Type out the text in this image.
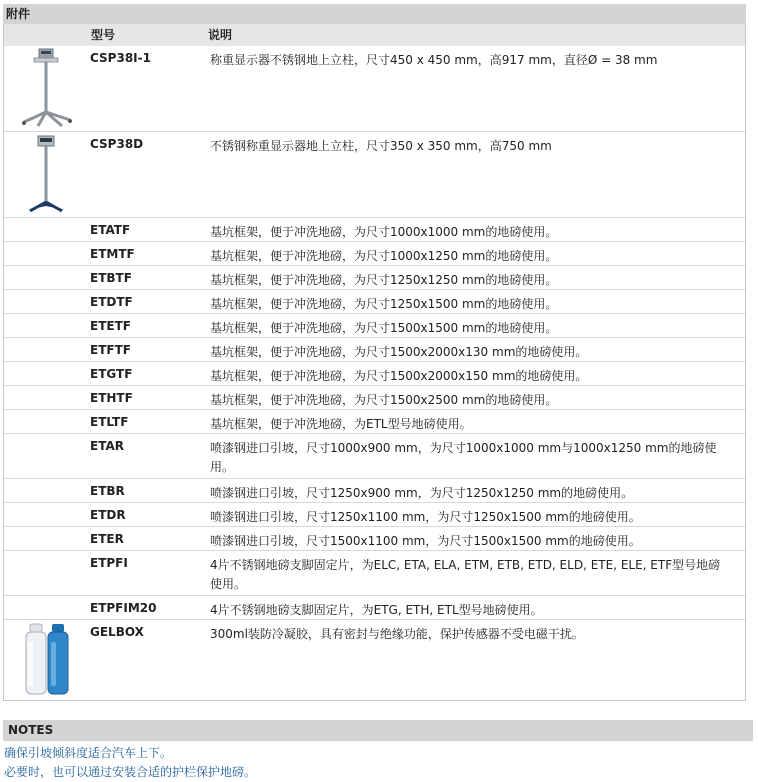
附件
型号	说明
CSP38I-1	称重显示器不锈钢地上立柱，尺寸450 x 450 mm，高917 mm，直径Ø = 38 mm
CSP38D	不锈钢称重显示器地上立柱，尺寸350 x 350 mm，高750 mm
ETATF	基坑框架，便于冲洗地磅，为尺寸1000x1000 mm的地磅使用。
ETMTF	基坑框架，便于冲洗地磅，为尺寸1000x1250 mm的地磅使用。
ETBTF	基坑框架，便于冲洗地磅，为尺寸1250x1250 mm的地磅使用。
ETDTF	基坑框架，便于冲洗地磅，为尺寸1250x1500 mm的地磅使用。
ETETF	基坑框架，便于冲洗地磅，为尺寸1500x1500 mm的地磅使用。
ETFTF	基坑框架，便于冲洗地磅，为尺寸1500x2000x130 mm的地磅使用。
ETGTF	基坑框架，便于冲洗地磅，为尺寸1500x2000x150 mm的地磅使用。
ETHTF	基坑框架，便于冲洗地磅，为尺寸1500x2500 mm的地磅使用。
ETLTF	基坑框架，便于冲洗地磅，为ETL型号地磅使用。
ETAR	喷漆钢进口引坡，尺寸1000x900 mm，为尺寸1000x1000 mm与1000x1250 mm的地磅使用。
ETBR	喷漆钢进口引坡，尺寸1250x900 mm，为尺寸1250x1250 mm的地磅使用。
ETDR	喷漆钢进口引坡，尺寸1250x1100 mm，为尺寸1250x1500 mm的地磅使用。
ETER	喷漆钢进口引坡，尺寸1500x1100 mm，为尺寸1500x1500 mm的地磅使用。
ETPFI	4片不锈钢地磅支脚固定片，为ELC, ETA, ELA, ETM, ETB, ETD, ELD, ETE, ELE, ETF型号地磅使用。
ETPFIM20	4片不锈钢地磅支脚固定片，为ETG, ETH, ETL型号地磅使用。
GELBOX	300ml装防冷凝胶，具有密封与绝缘功能，保护传感器不受电磁干扰。
NOTES
确保引坡倾斜度适合汽车上下。
必要时，也可以通过安装合适的护栏保护地磅。
